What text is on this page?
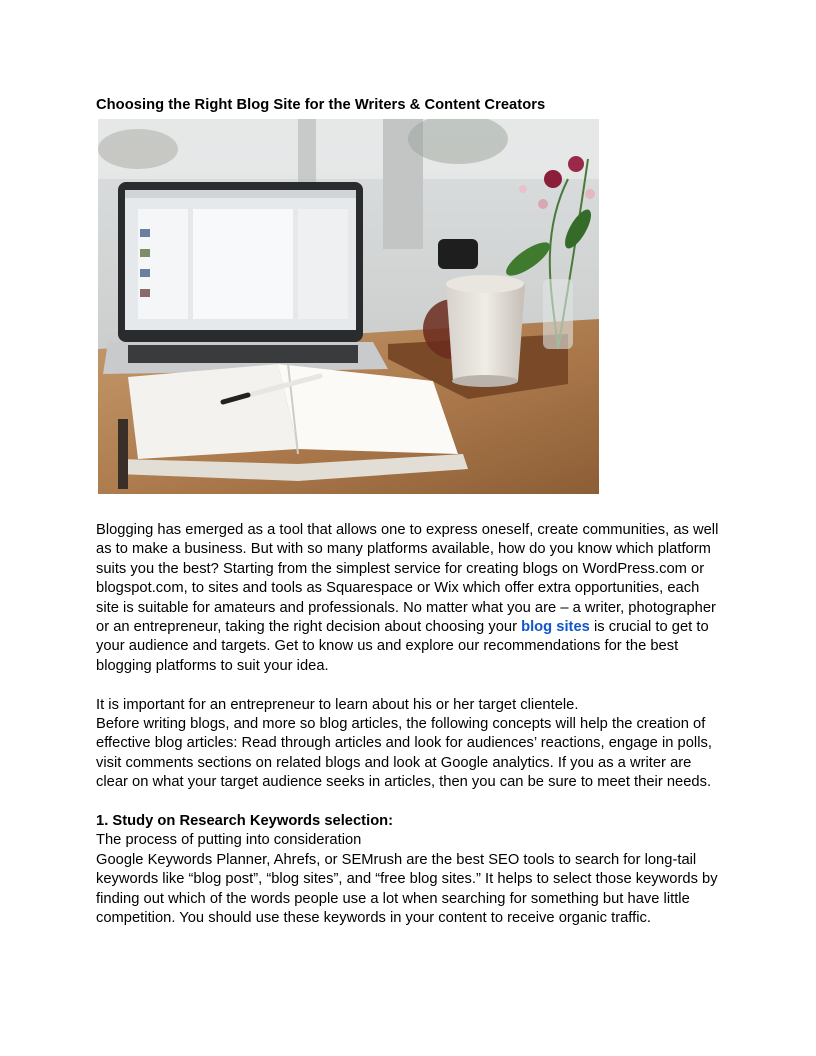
Choosing the Right Blog Site for the Writers & Content Creators

Blogging has emerged as a tool that allows one to express oneself, create communities, as well as to make a business. But with so many platforms available, how do you know which platform suits you the best? Starting from the simplest service for creating blogs on WordPress.com or blogspot.com, to sites and tools as Squarespace or Wix which offer extra opportunities, each site is suitable for amateurs and professionals. No matter what you are – a writer, photographer or an entrepreneur, taking the right decision about choosing your blog sites is crucial to get to your audience and targets. Get to know us and explore our recommendations for the best blogging platforms to suit your idea.

It is important for an entrepreneur to learn about his or her target clientele.

Before writing blogs, and more so blog articles, the following concepts will help the creation of effective blog articles: Read through articles and look for audiences’ reactions, engage in polls, visit comments sections on related blogs and look at Google analytics. If you as a writer are clear on what your target audience seeks in articles, then you can be sure to meet their needs.

1. Study on Research Keywords selection:

The process of putting into consideration

Google Keywords Planner, Ahrefs, or SEMrush are the best SEO tools to search for long-tail keywords like “blog post”, “blog sites”, and “free blog sites.” It helps to select those keywords by finding out which of the words people use a lot when searching for something but have little competition. You should use these keywords in your content to receive organic traffic.
